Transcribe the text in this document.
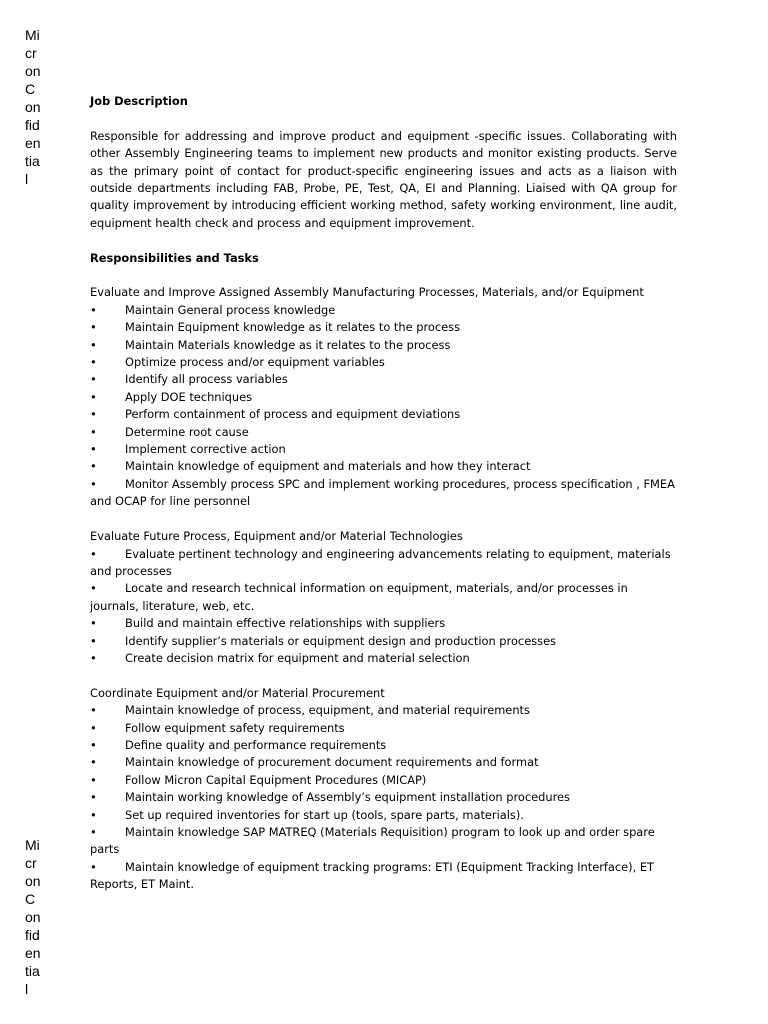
Mi
cr
on
C
on
fid
en
tia
l

Job Description

Responsible for addressing and improve product and equipment -specific issues. Collaborating with other Assembly Engineering teams to implement new products and monitor existing products. Serve as the primary point of contact for product-specific engineering issues and acts as a liaison with outside departments including FAB, Probe, PE, Test, QA, EI and Planning. Liaised with QA group for quality improvement by introducing efficient working method, safety working environment, line audit, equipment health check and process and equipment improvement.

Responsibilities and Tasks

Evaluate and Improve Assigned Assembly Manufacturing Processes, Materials, and/or Equipment

• Maintain General process knowledge
• Maintain Equipment knowledge as it relates to the process
• Maintain Materials knowledge as it relates to the process
• Optimize process and/or equipment variables
• Identify all process variables
• Apply DOE techniques
• Perform containment of process and equipment deviations
• Determine root cause
• Implement corrective action
• Maintain knowledge of equipment and materials and how they interact
• Monitor Assembly process SPC and implement working procedures, process specification , FMEA and OCAP for line personnel

Evaluate Future Process, Equipment and/or Material Technologies

• Evaluate pertinent technology and engineering advancements relating to equipment, materials and processes
• Locate and research technical information on equipment, materials, and/or processes in journals, literature, web, etc.
• Build and maintain effective relationships with suppliers
• Identify supplier’s materials or equipment design and production processes
• Create decision matrix for equipment and material selection

Coordinate Equipment and/or Material Procurement

• Maintain knowledge of process, equipment, and material requirements
• Follow equipment safety requirements
• Define quality and performance requirements
• Maintain knowledge of procurement document requirements and format
• Follow Micron Capital Equipment Procedures (MICAP)
• Maintain working knowledge of Assembly’s equipment installation procedures
• Set up required inventories for start up (tools, spare parts, materials).
• Maintain knowledge SAP MATREQ (Materials Requisition) program to look up and order spare parts
• Maintain knowledge of equipment tracking programs: ETI (Equipment Tracking Interface), ET Reports, ET Maint.

Mi
cr
on
C
on
fid
en
tia
l
